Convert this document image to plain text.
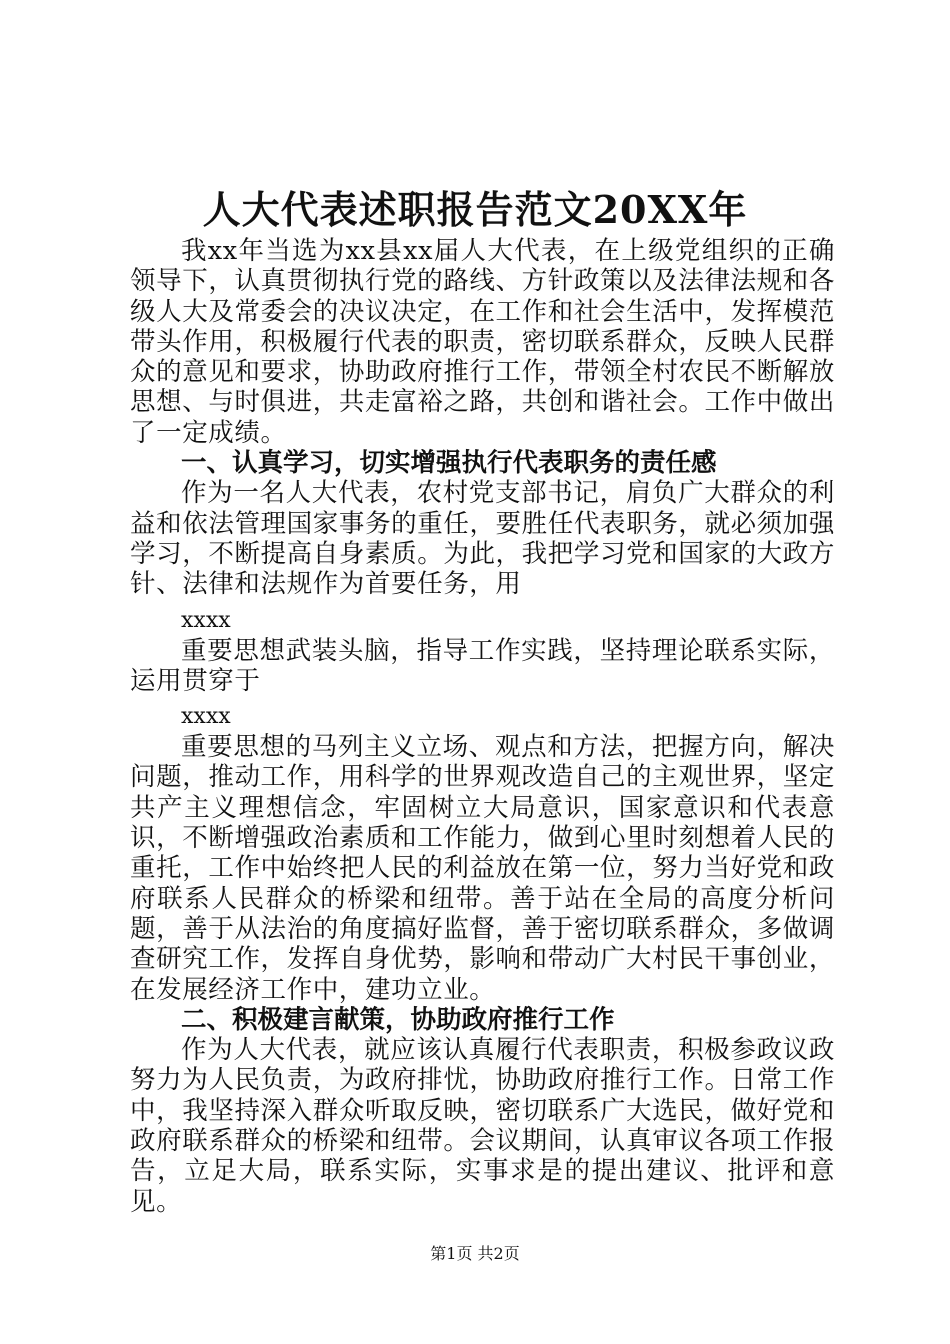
人大代表述职报告范文20XX年

我xx年当选为xx县xx届人大代表，在上级党组织的正确领导下，认真贯彻执行党的路线、方针政策以及法律法规和各级人大及常委会的决议决定，在工作和社会生活中，发挥模范带头作用，积极履行代表的职责，密切联系群众，反映人民群众的意见和要求，协助政府推行工作，带领全村农民不断解放思想、与时俱进，共走富裕之路，共创和谐社会。工作中做出了一定成绩。

一、认真学习，切实增强执行代表职务的责任感

作为一名人大代表，农村党支部书记，肩负广大群众的利益和依法管理国家事务的重任，要胜任代表职务，就必须加强学习，不断提高自身素质。为此，我把学习党和国家的大政方针、法律和法规作为首要任务，用

xxxx

重要思想武装头脑，指导工作实践，坚持理论联系实际，运用贯穿于

xxxx

重要思想的马列主义立场、观点和方法，把握方向，解决问题，推动工作，用科学的世界观改造自己的主观世界，坚定共产主义理想信念，牢固树立大局意识，国家意识和代表意识，不断增强政治素质和工作能力，做到心里时刻想着人民的重托，工作中始终把人民的利益放在第一位，努力当好党和政府联系人民群众的桥梁和纽带。善于站在全局的高度分析问题，善于从法治的角度搞好监督，善于密切联系群众，多做调查研究工作，发挥自身优势，影响和带动广大村民干事创业，在发展经济工作中，建功立业。

二、积极建言献策，协助政府推行工作

作为人大代表，就应该认真履行代表职责，积极参政议政努力为人民负责，为政府排忧，协助政府推行工作。日常工作中，我坚持深入群众听取反映，密切联系广大选民，做好党和政府联系群众的桥梁和纽带。会议期间，认真审议各项工作报告，立足大局，联系实际，实事求是的提出建议、批评和意见。

第1页 共2页
